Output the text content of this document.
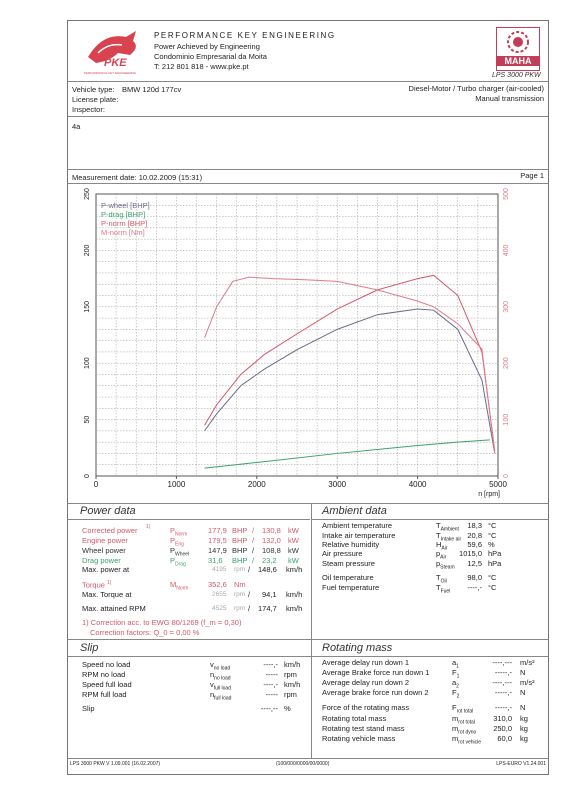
PKE
PERFORMANCE KEY ENGINEERING
PERFORMANCE KEY ENGINEERING
Power Achieved by Engineering
Condominio Empresarial da Moita
T: 212 801 818 - www.pke.pt
MAHA
LPS 3000 PKW
Vehicle type: BMW 120d 177cv
License plate:
Inspector:
Diesel-Motor / Turbo charger (air-cooled)
Manual transmission
4a
Measurement date: 10.02.2009 (15:31)	Page 1
0	1000	2000	3000	4000	5000
n [rpm]
0
50
100
150
200
250
0
100
200
300
400
500
P-wheel [BHP]
P-drag [BHP]
P-norm [BHP]
M-norm [Nm]
Power data
Max. power at	4195 rpm / 148,6 km/h
Torque $^{1)}$	$M_{Norm}$	352,6 Nm
Max. Torque at	2655 rpm / 94,1 km/h
Max. attained RPM	4525 rpm / 174,7 km/h
1) Correction acc. to EWG 80/1269 (f_m = 0,30)
Correction factors: Q_0 = 0,00 %
Ambient data
Slip	Rotating mass
LPS 3000 PKW V 1.09.001 (16.02.2007)	(100/000/0000/00/0000)	LPS-EURO V1.24.001
Corrected power 1)	$P_{Norm}$	177,9 BHP / 130,8 kW
Engine power	$P_{Eng}$	179,5 BHP / 132,0 kW
Wheel power	$P_{Wheel}$	147,9 BHP / 108,8 kW
Drag power	$P_{Drag}$	31,6 BHP / 23,2 kW
Ambient temperature	$T_{Ambient}$ 18,3 °C
Intake air temperature	$T_{Intake air}$ 20,8 °C
Relative humidity	$H_{Air}$	59,6 %
Air pressure	$p_{Air}$ 1015,0 hPa
Steam pressure	$p_{Steam}$ 12,5 hPa
Oil temperature	$T_{Oil}$	98,0 °C
Fuel temperature	$T_{Fuel}$ ----,- °C
Speed no load	$v_{no load}$	----,- km/h
RPM no load	$n_{no load}$	----- rpm
Speed full load	$v_{full load}$	----,- km/h
RPM full load	$n_{full load}$	----- rpm
Slip	----,-- %
Average delay run down 1	$a_1$	----,--- m/s²
Average Brake force run down 1	$F_1$	-----,- N
Average delay run down 2	$a_2$	----,--- m/s²
Average brake force run down 2	$F_2$	-----,- N
Force of the rotating mass	$F_{rot total}$	-----,- N
Rotating total mass	$m_{rot total}$ 310,0 kg
Rotating test stand mass	$m_{rot dyno}$ 250,0 kg
Rotating vehicle mass	$m_{rot vehicle}$ 60,0 kg
